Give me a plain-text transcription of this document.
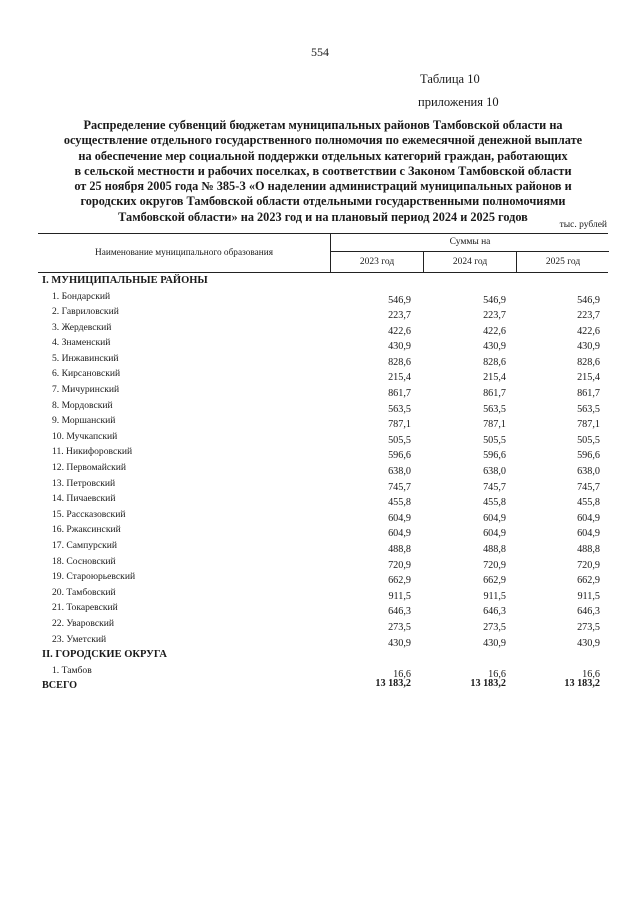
554
Таблица 10
приложения 10
Распределение субвенций бюджетам муниципальных районов Тамбовской области на
осуществление отдельного государственного полномочия по ежемесячной денежной выплате
на обеспечение мер социальной поддержки отдельных категорий граждан, работающих
в сельской местности и рабочих поселках, в соответствии с Законом Тамбовской области
от 25 ноября 2005 года № 385-З «О наделении администраций муниципальных районов и
городских округов Тамбовской области отдельными государственными полномочиями
Тамбовской области» на 2023 год и на плановый период 2024 и 2025 годов
тыс. рублей
Наименование муниципального образования
Суммы на
2023 год	2024 год	2025 год
I. МУНИЦИПАЛЬНЫЕ РАЙОНЫ
1. Бондарский	546,9	546,9	546,9
2. Гавриловский	223,7	223,7	223,7
3. Жердевский	422,6	422,6	422,6
4. Знаменский	430,9	430,9	430,9
5. Инжавинский	828,6	828,6	828,6
6. Кирсановский	215,4	215,4	215,4
7. Мичуринский	861,7	861,7	861,7
8. Мордовский	563,5	563,5	563,5
9. Моршанский	787,1	787,1	787,1
10. Мучкапский	505,5	505,5	505,5
11. Никифоровский	596,6	596,6	596,6
12. Первомайский	638,0	638,0	638,0
13. Петровский	745,7	745,7	745,7
14. Пичаевский	455,8	455,8	455,8
15. Рассказовский	604,9	604,9	604,9
16. Ржаксинский	604,9	604,9	604,9
17. Сампурский	488,8	488,8	488,8
18. Сосновский	720,9	720,9	720,9
19. Староюрьевский	662,9	662,9	662,9
20. Тамбовский	911,5	911,5	911,5
21. Токаревский	646,3	646,3	646,3
22. Уваровский	273,5	273,5	273,5
23. Уметский	430,9	430,9	430,9
II. ГОРОДСКИЕ ОКРУГА
1. Тамбов	16,6	16,6	16,6
ВСЕГО	13 183,2	13 183,2	13 183,2
